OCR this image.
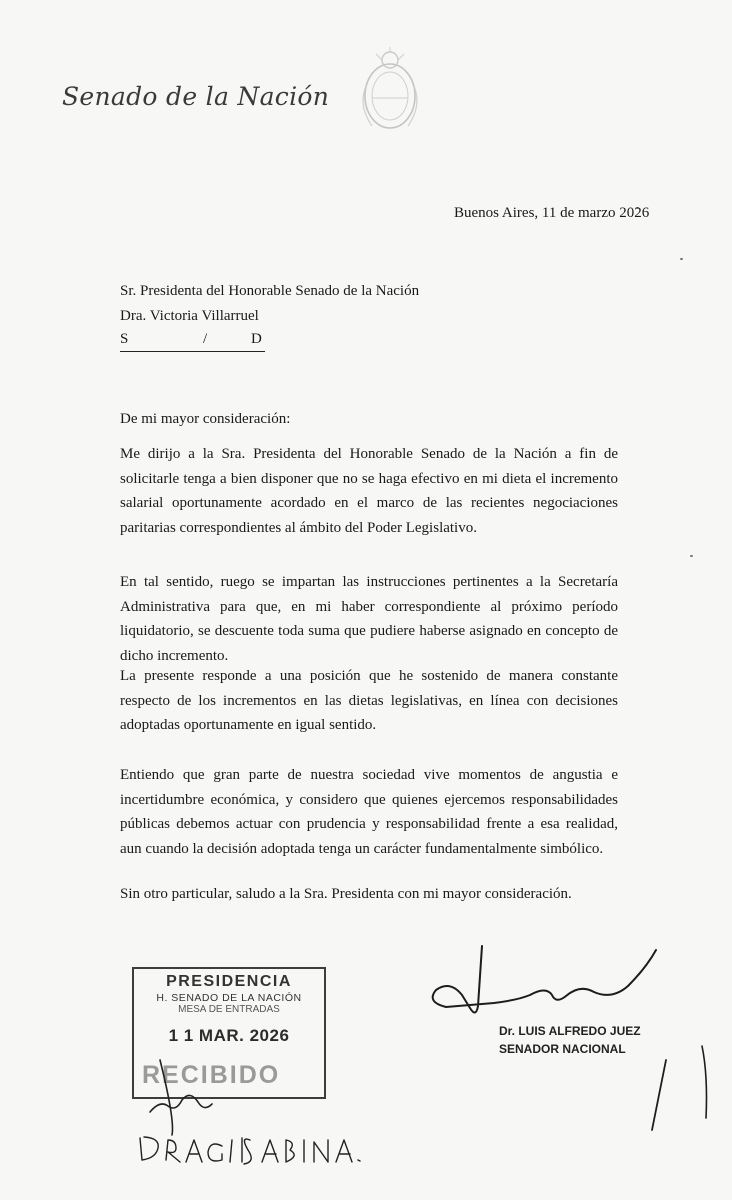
Senado de la Nación
Buenos Aires, 11 de marzo 2026
Sr. Presidenta del Honorable Senado de la Nación
Dra. Victoria Villarruel
S	/	D
De mi mayor consideración:

Me dirijo a la Sra. Presidenta del Honorable Senado de la Nación a fin de solicitarle tenga a bien disponer que no se haga efectivo en mi dieta el incremento salarial oportunamente acordado en el marco de las recientes negociaciones paritarias correspondientes al ámbito del Poder Legislativo.

En tal sentido, ruego se impartan las instrucciones pertinentes a la Secretaría Administrativa para que, en mi haber correspondiente al próximo período liquidatorio, se descuente toda suma que pudiere haberse asignado en concepto de dicho incremento.

La presente responde a una posición que he sostenido de manera constante respecto de los incrementos en las dietas legislativas, en línea con decisiones adoptadas oportunamente en igual sentido.

Entiendo que gran parte de nuestra sociedad vive momentos de angustia e incertidumbre económica, y considero que quienes ejercemos responsabilidades públicas debemos actuar con prudencia y responsabilidad frente a esa realidad, aun cuando la decisión adoptada tenga un carácter fundamentalmente simbólico.

Sin otro particular, saludo a la Sra. Presidenta con mi mayor consideración.
PRESIDENCIA
H. SENADO DE LA NACIÓN
MESA DE ENTRADAS
1 1 MAR. 2026
RECIBIDO
Dr. LUIS ALFREDO JUEZ
SENADOR NACIONAL
